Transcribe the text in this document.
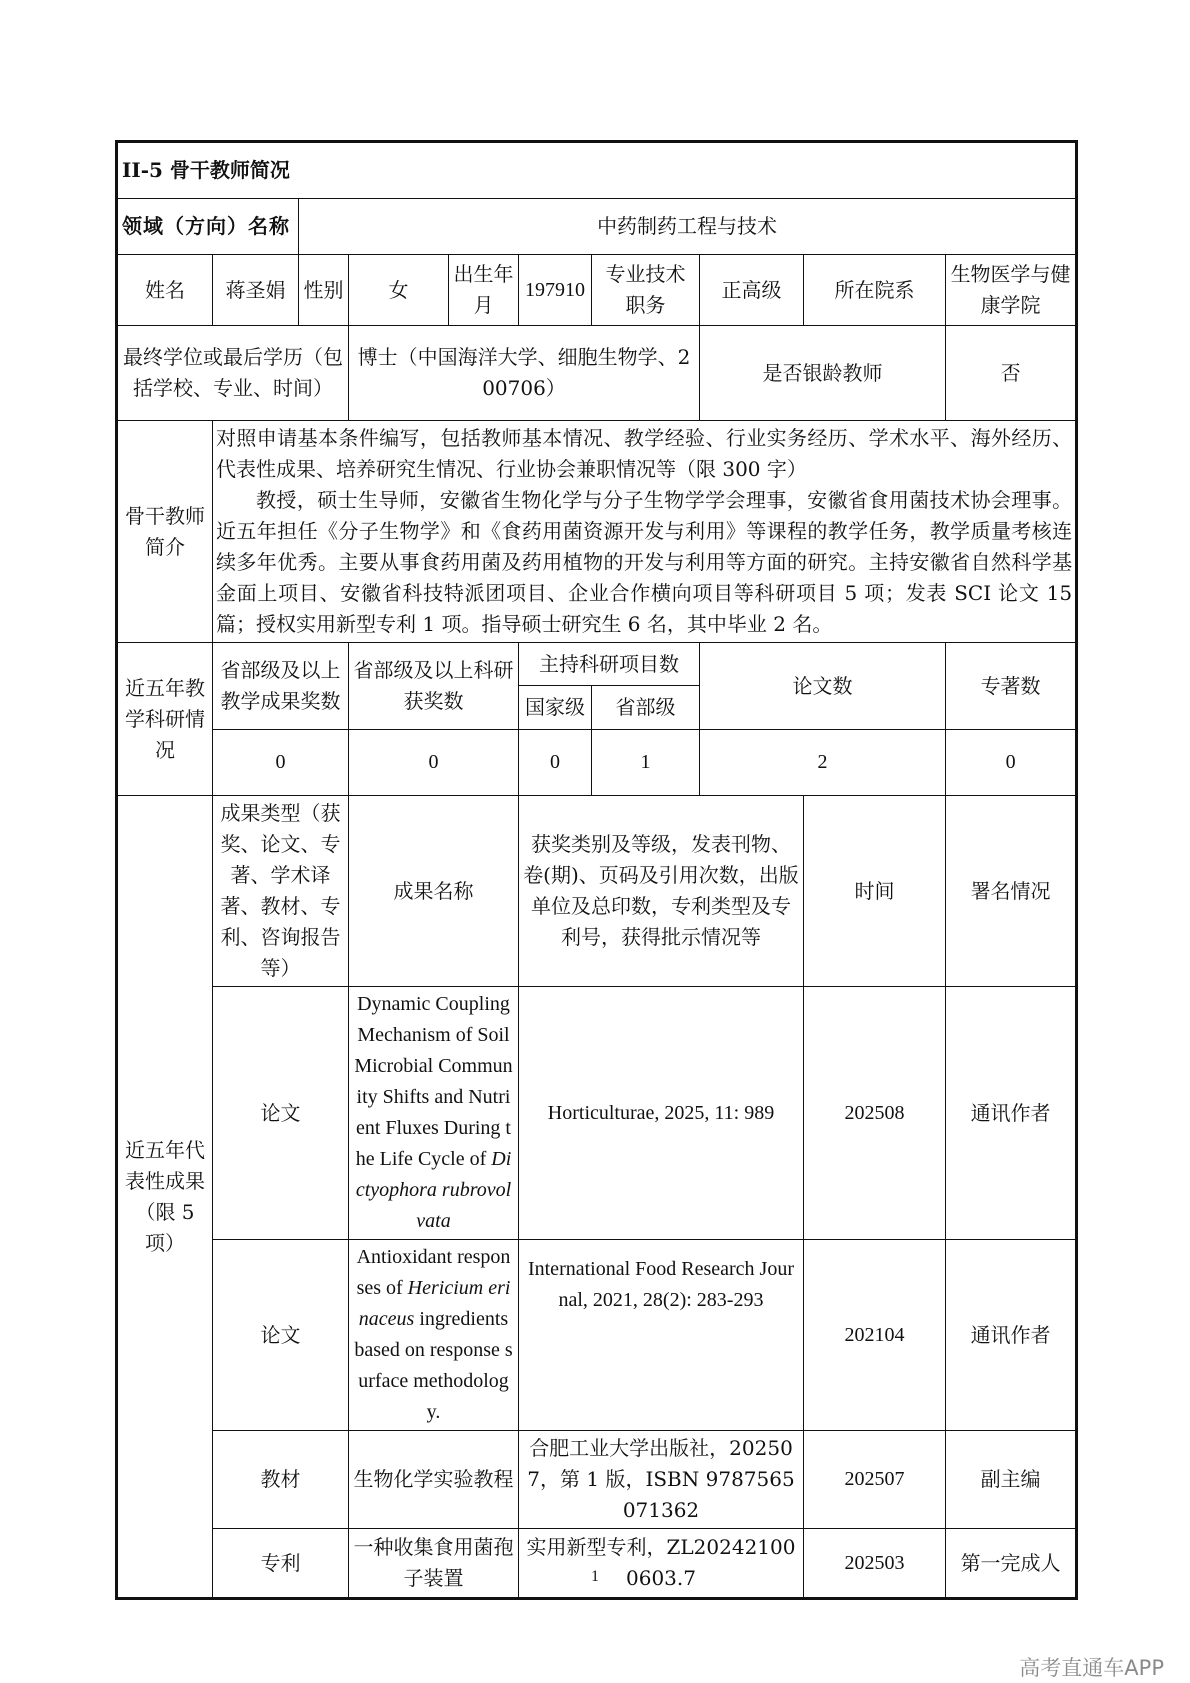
II-5 骨干教师简况									
领域（方向）名称		中药制药工程与技术							
姓名	蒋圣娟	性别	女	出生年月	197910	专业技术职务	正高级	所在院系	生物医学与健康学院
最终学位或最后学历（包括学校、专业、时间）			博士（中国海洋大学、细胞生物学、200706）				是否银龄教师		否
骨干教师简介	对照申请基本条件编写，包括教师基本情况、教学经验、行业实务经历、学术水平、海外经历、代表性成果、培养研究生情况、行业协会兼职情况等（限 300 字）
教授，硕士生导师，安徽省生物化学与分子生物学学会理事，安徽省食用菌技术协会理事。近五年担任《分子生物学》和《食药用菌资源开发与利用》等课程的教学任务，教学质量考核连续多年优秀。主要从事食药用菌及药用植物的开发与利用等方面的研究。主持安徽省自然科学基金面上项目、安徽省科技特派团项目、企业合作横向项目等科研项目 5 项；发表 SCI 论文 15 篇；授权实用新型专利 1 项。指导硕士研究生 6 名，其中毕业 2 名。								

近五年教学科研情况	省部级及以上教学成果奖数		省部级及以上科研获奖数		主持科研项目数		论文数		专著数
					国家级	省部级			
	0		0		0	1	2		0
近五年代表性成果（限 5 项）	成果类型（获奖、论文、专著、学术译著、教材、专利、咨询报告等）		成果名称		获奖类别及等级，发表刊物、卷(期)、页码及引用次数，出版单位及总印数，专利类型及专利号，获得批示情况等			时间	署名情况
	论文		Dynamic Coupling Mechanism of Soil Microbial Community Shifts and Nutrient Fluxes During the Life Cycle of Dictyophora rubrovolvata		Horticulturae, 2025, 11: 989			202508	通讯作者
	论文		Antioxidant responses of Hericium erinaceus ingredients based on response surface methodology.		International Food Research Journal, 2021, 28(2): 283-293			202104	通讯作者
	教材		生物化学实验教程		合肥工业大学出版社，202507，第 1 版，ISBN 9787565071362			202507	副主编
	专利		一种收集食用菌孢子装置		实用新型专利，ZL202421000603.7			202503	第一完成人
1
高考直通车APP
